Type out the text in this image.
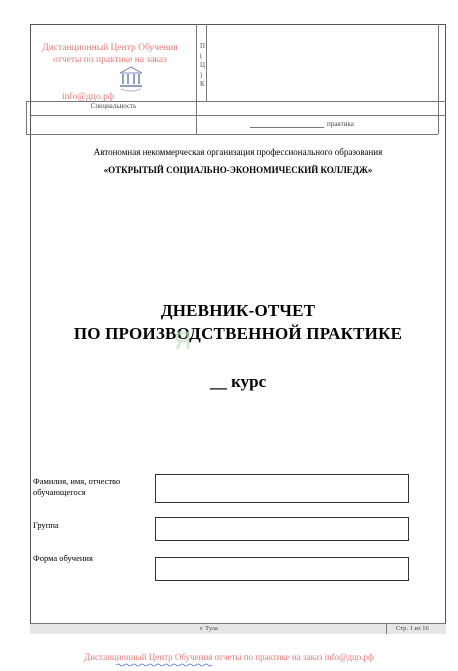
Дистанционный Центр Обучения
отчеты по практике на заказ
info@дцо.рф
П
(
Ц
)
К
Специальность
практика
Автономная некоммерческая организация профессионального образования
«ОТКРЫТЫЙ СОЦИАЛЬНО-ЭКОНОМИЧЕСКИЙ КОЛЛЕДЖ»
ДНЕВНИК-ОТЧЕТ
ПО ПРОИЗВОДСТВЕННОЙ ПРАКТИКЕ
__ курс
Фамилия, имя, отчество обучающегося
Группа
Форма обучения
г. Тула	Стр. 1 из 16
Дистанционный Центр Обучения отчеты по практике на заказ info@дцо.рф
